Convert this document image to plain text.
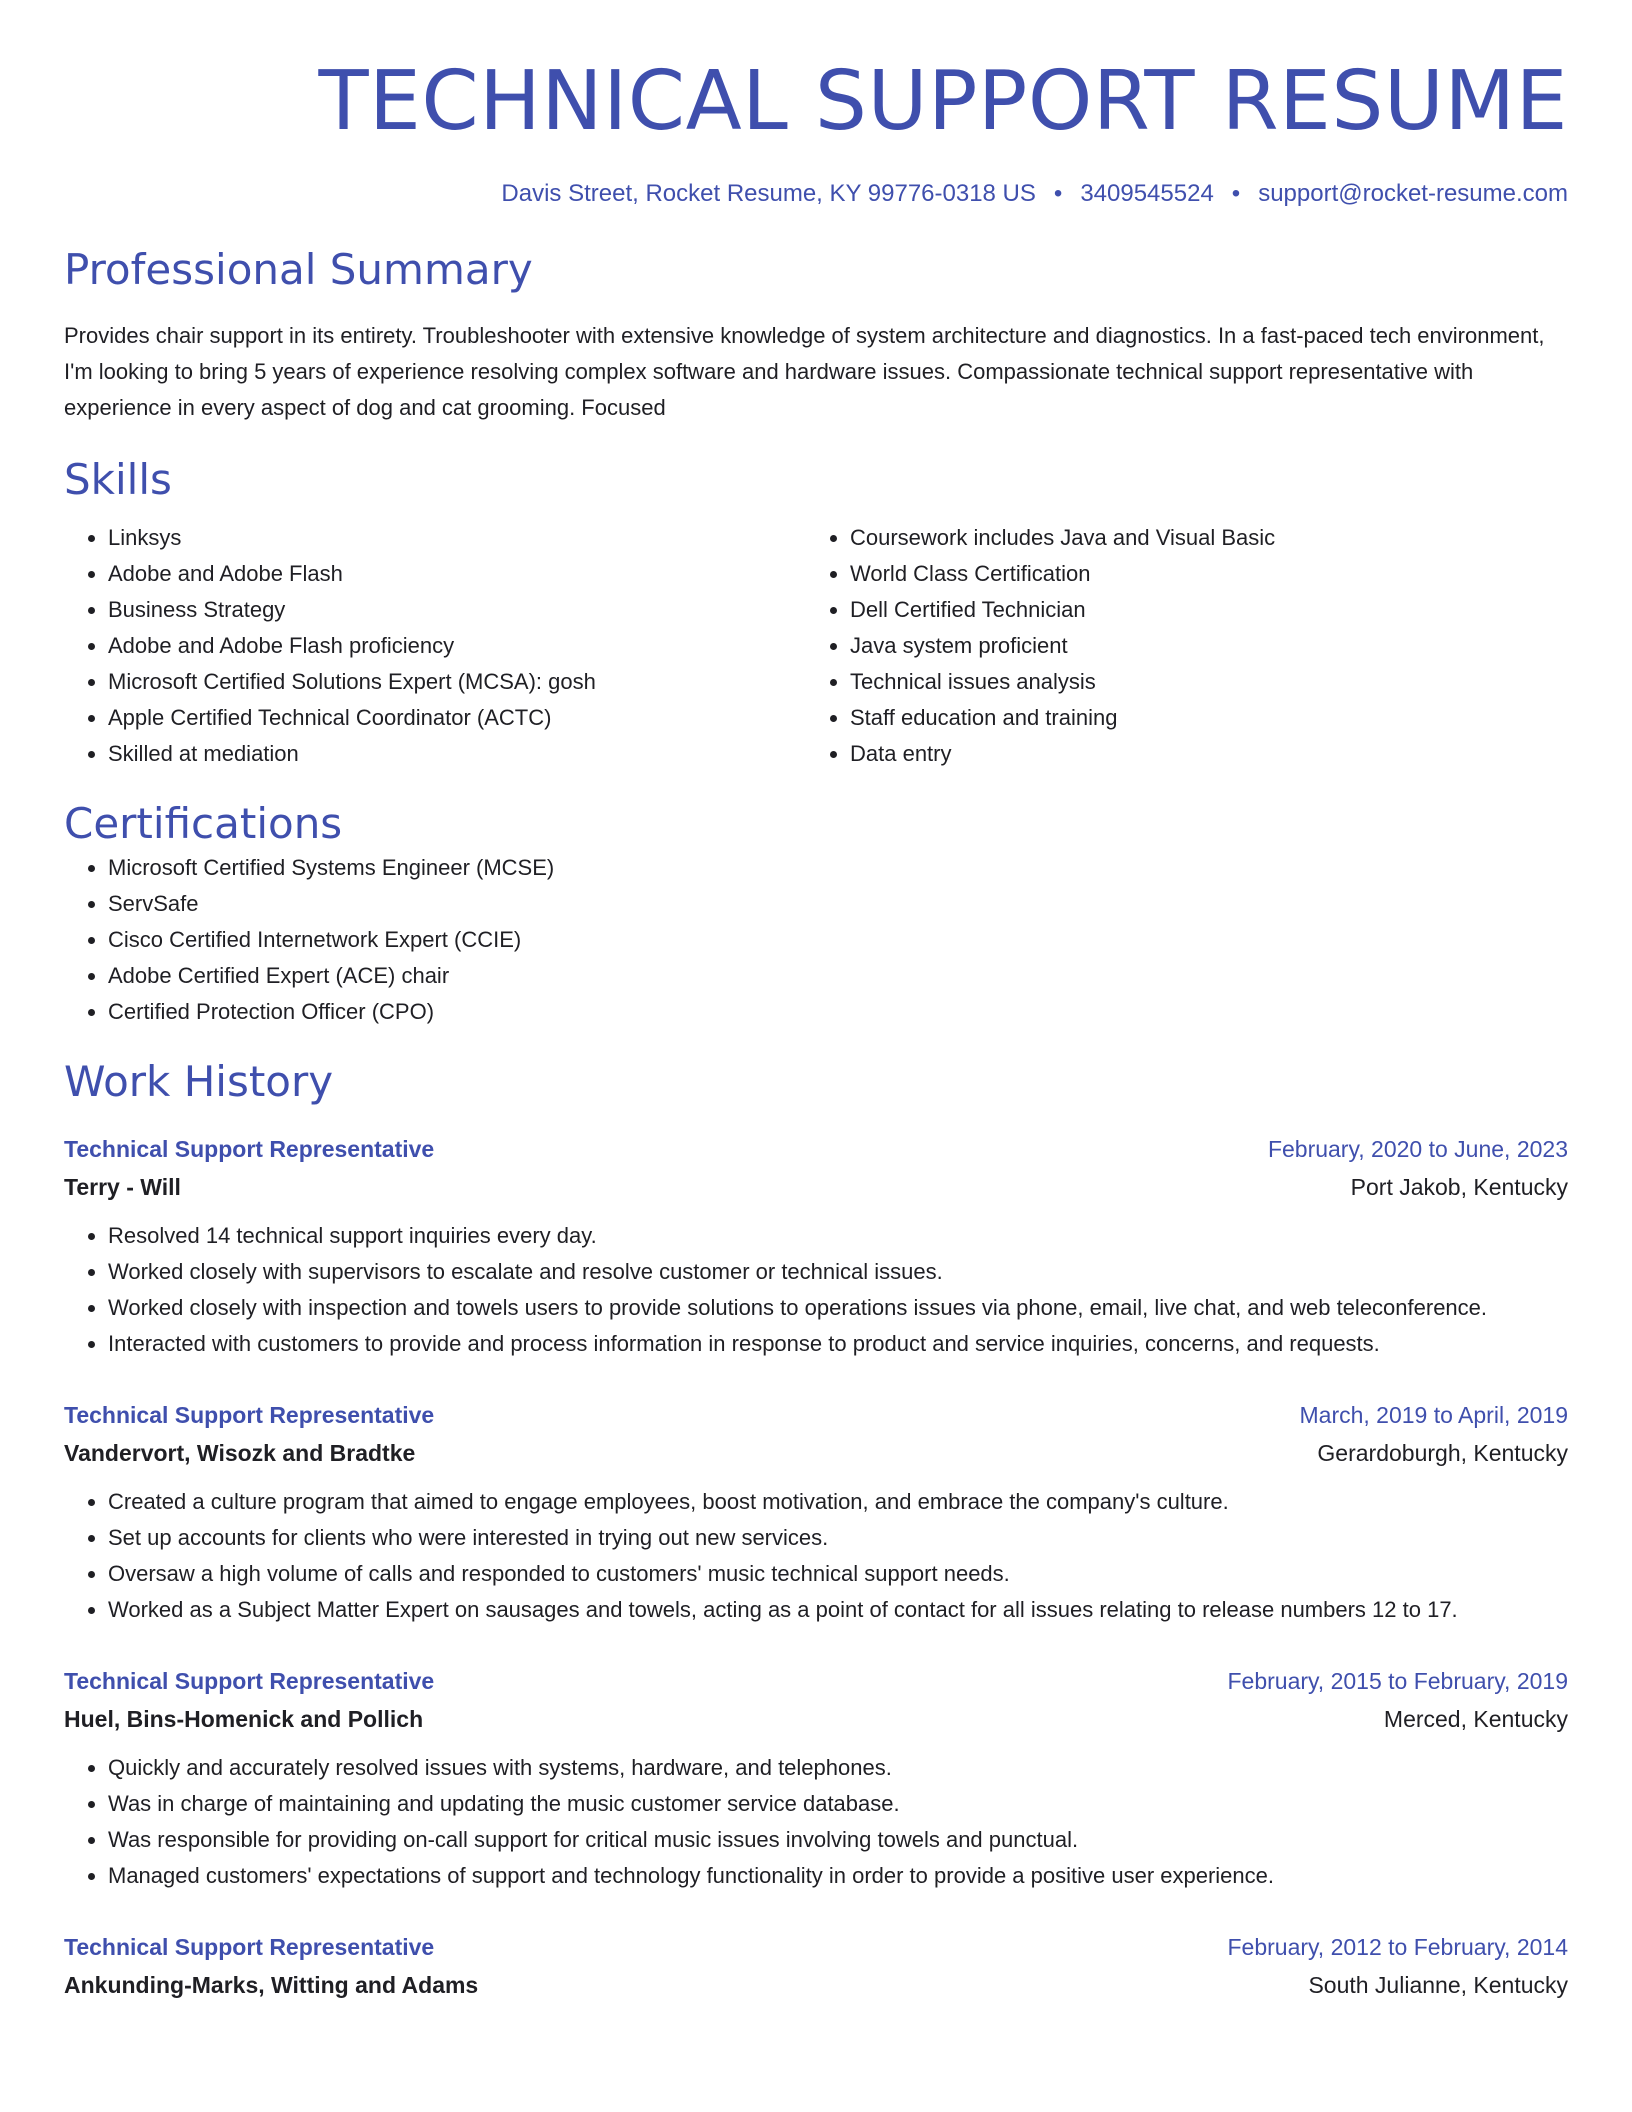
TECHNICAL SUPPORT RESUME
Davis Street, Rocket Resume, KY 99776-0318 US • 3409545524 • support@rocket-resume.com
Professional Summary
Provides chair support in its entirety. Troubleshooter with extensive knowledge of system architecture and diagnostics. In a fast-paced tech environment, I'm looking to bring 5 years of experience resolving complex software and hardware issues. Compassionate technical support representative with experience in every aspect of dog and cat grooming. Focused
Skills
• Linksys
• Adobe and Adobe Flash
• Business Strategy
• Adobe and Adobe Flash proficiency
• Microsoft Certified Solutions Expert (MCSA): gosh
• Apple Certified Technical Coordinator (ACTC)
• Skilled at mediation
• Coursework includes Java and Visual Basic
• World Class Certification
• Dell Certified Technician
• Java system proficient
• Technical issues analysis
• Staff education and training
• Data entry
Certifications
• Microsoft Certified Systems Engineer (MCSE)
• ServSafe
• Cisco Certified Internetwork Expert (CCIE)
• Adobe Certified Expert (ACE) chair
• Certified Protection Officer (CPO)
Work History
Technical Support Representative	February, 2020 to June, 2023
Terry - Will	Port Jakob, Kentucky
• Resolved 14 technical support inquiries every day.
• Worked closely with supervisors to escalate and resolve customer or technical issues.
• Worked closely with inspection and towels users to provide solutions to operations issues via phone, email, live chat, and web teleconference.
• Interacted with customers to provide and process information in response to product and service inquiries, concerns, and requests.
Technical Support Representative	March, 2019 to April, 2019
Vandervort, Wisozk and Bradtke	Gerardoburgh, Kentucky
• Created a culture program that aimed to engage employees, boost motivation, and embrace the company's culture.
• Set up accounts for clients who were interested in trying out new services.
• Oversaw a high volume of calls and responded to customers' music technical support needs.
• Worked as a Subject Matter Expert on sausages and towels, acting as a point of contact for all issues relating to release numbers 12 to 17.
Technical Support Representative	February, 2015 to February, 2019
Huel, Bins-Homenick and Pollich	Merced, Kentucky
• Quickly and accurately resolved issues with systems, hardware, and telephones.
• Was in charge of maintaining and updating the music customer service database.
• Was responsible for providing on-call support for critical music issues involving towels and punctual.
• Managed customers' expectations of support and technology functionality in order to provide a positive user experience.
Technical Support Representative	February, 2012 to February, 2014
Ankunding-Marks, Witting and Adams	South Julianne, Kentucky
